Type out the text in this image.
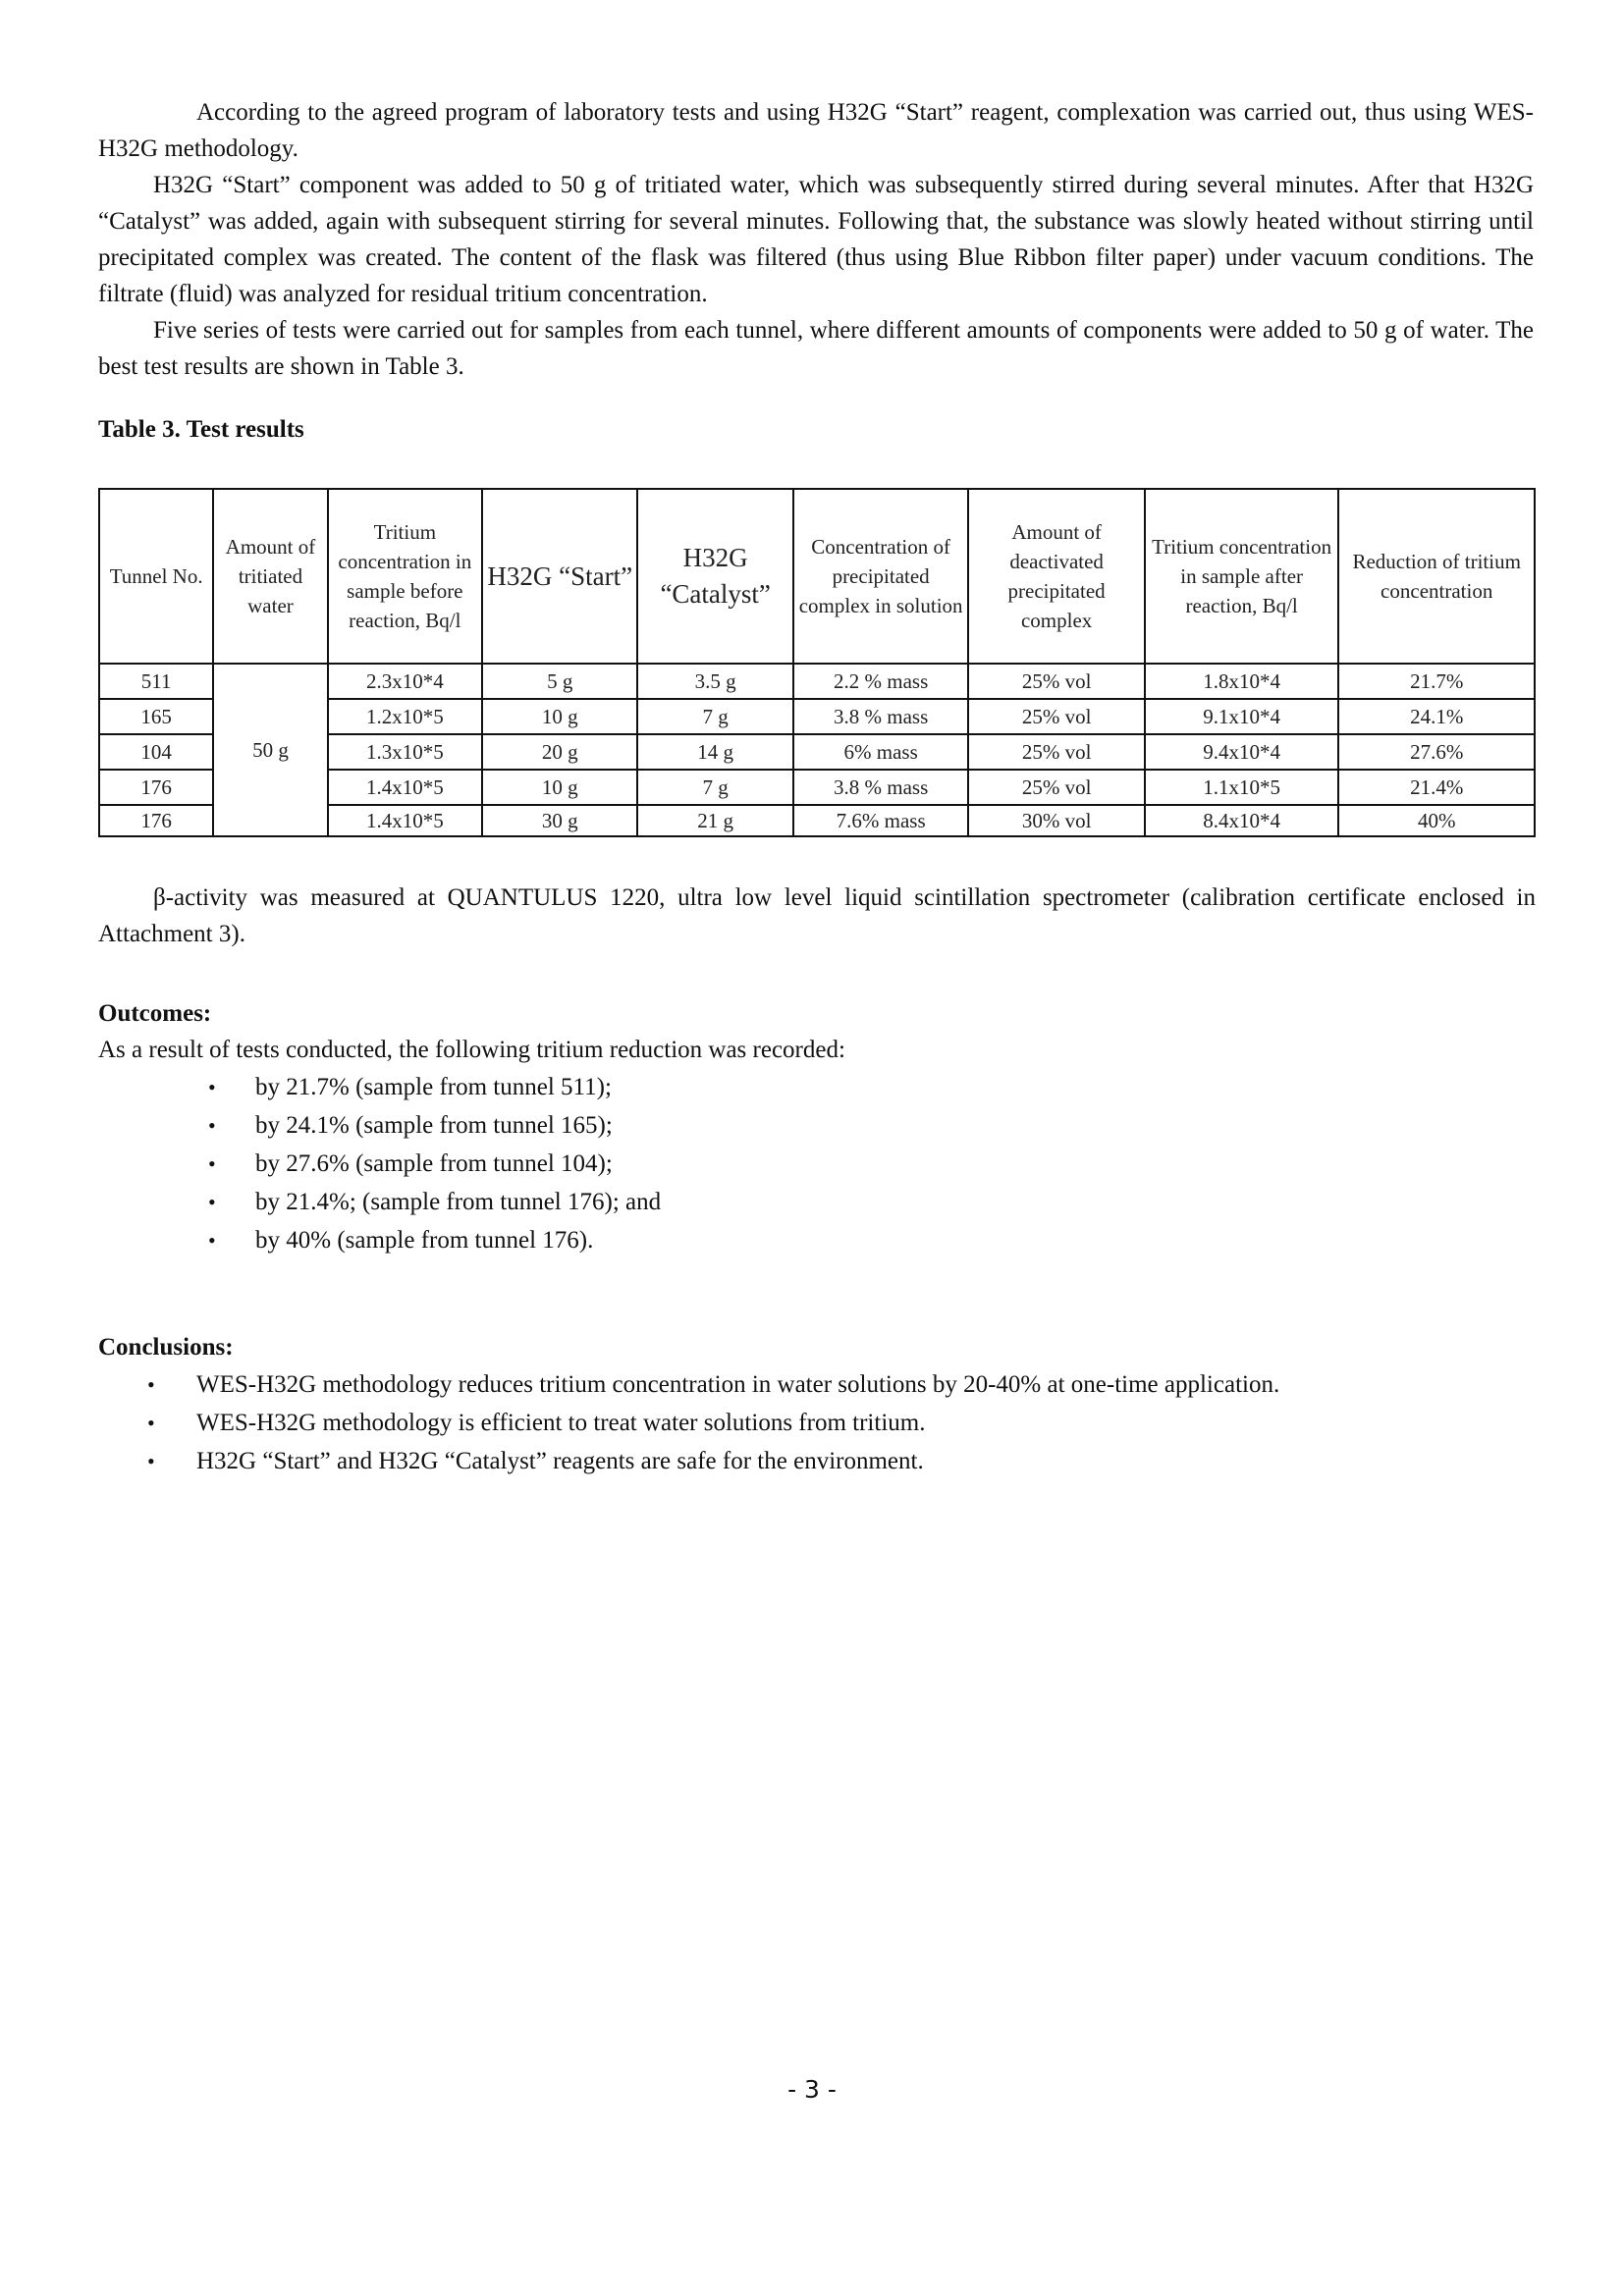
According to the agreed program of laboratory tests and using H32G “Start” reagent, complexation was carried out, thus using WES-H32G methodology.

H32G “Start” component was added to 50 g of tritiated water, which was subsequently stirred during several minutes. After that H32G “Catalyst” was added, again with subsequent stirring for several minutes. Following that, the substance was slowly heated without stirring until precipitated complex was created. The content of the flask was filtered (thus using Blue Ribbon filter paper) under vacuum conditions. The filtrate (fluid) was analyzed for residual tritium concentration.

Five series of tests were carried out for samples from each tunnel, where different amounts of components were added to 50 g of water. The best test results are shown in Table 3.

Table 3. Test results

Tunnel No.	Amount of tritiated water	Tritium concentration in sample before reaction, Bq/l	H32G “Start”	H32G “Catalyst”	Concentration of precipitated complex in solution	Amount of deactivated precipitated complex	Tritium concentration in sample after reaction, Bq/l	Reduction of tritium concentration
511	50 g	2.3x10*4	5 g	3.5 g	2.2 % mass	25% vol	1.8x10*4	21.7%
165		1.2x10*5	10 g	7 g	3.8 % mass	25% vol	9.1x10*4	24.1%
104		1.3x10*5	20 g	14 g	6% mass	25% vol	9.4x10*4	27.6%
176		1.4x10*5	10 g	7 g	3.8 % mass	25% vol	1.1x10*5	21.4%
176		1.4x10*5	30 g	21 g	7.6% mass	30% vol	8.4x10*4	40%

β-activity was measured at QUANTULUS 1220, ultra low level liquid scintillation spectrometer (calibration certificate enclosed in Attachment 3).

Outcomes:

As a result of tests conducted, the following tritium reduction was recorded:

• by 21.7% (sample from tunnel 511);
• by 24.1% (sample from tunnel 165);
• by 27.6% (sample from tunnel 104);
• by 21.4%; (sample from tunnel 176); and
• by 40% (sample from tunnel 176).

Conclusions:

• WES-H32G methodology reduces tritium concentration in water solutions by 20-40% at one-time application.
• WES-H32G methodology is efficient to treat water solutions from tritium.
• H32G “Start” and H32G “Catalyst” reagents are safe for the environment.
- 3 -
